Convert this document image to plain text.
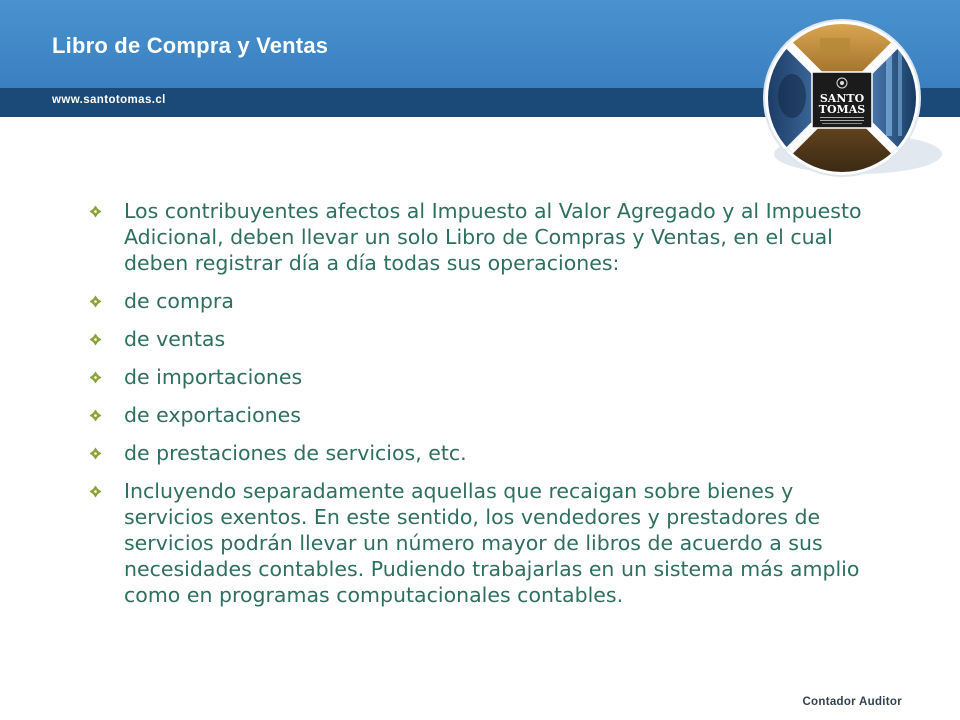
Libro de Compra y Ventas
www.santotomas.cl	SANTO
TOMAS
Los contribuyentes afectos al Impuesto al Valor Agregado y al Impuesto Adicional, deben llevar un solo Libro de Compras y Ventas, en el cual deben registrar día a día todas sus operaciones:
de compra
de ventas
de importaciones
de exportaciones
de prestaciones de servicios, etc.
Incluyendo separadamente aquellas que recaigan sobre bienes y servicios exentos. En este sentido, los vendedores y prestadores de servicios podrán llevar un número mayor de libros de acuerdo a sus necesidades contables. Pudiendo trabajarlas en un sistema más amplio como en programas computacionales contables.
Contador Auditor
